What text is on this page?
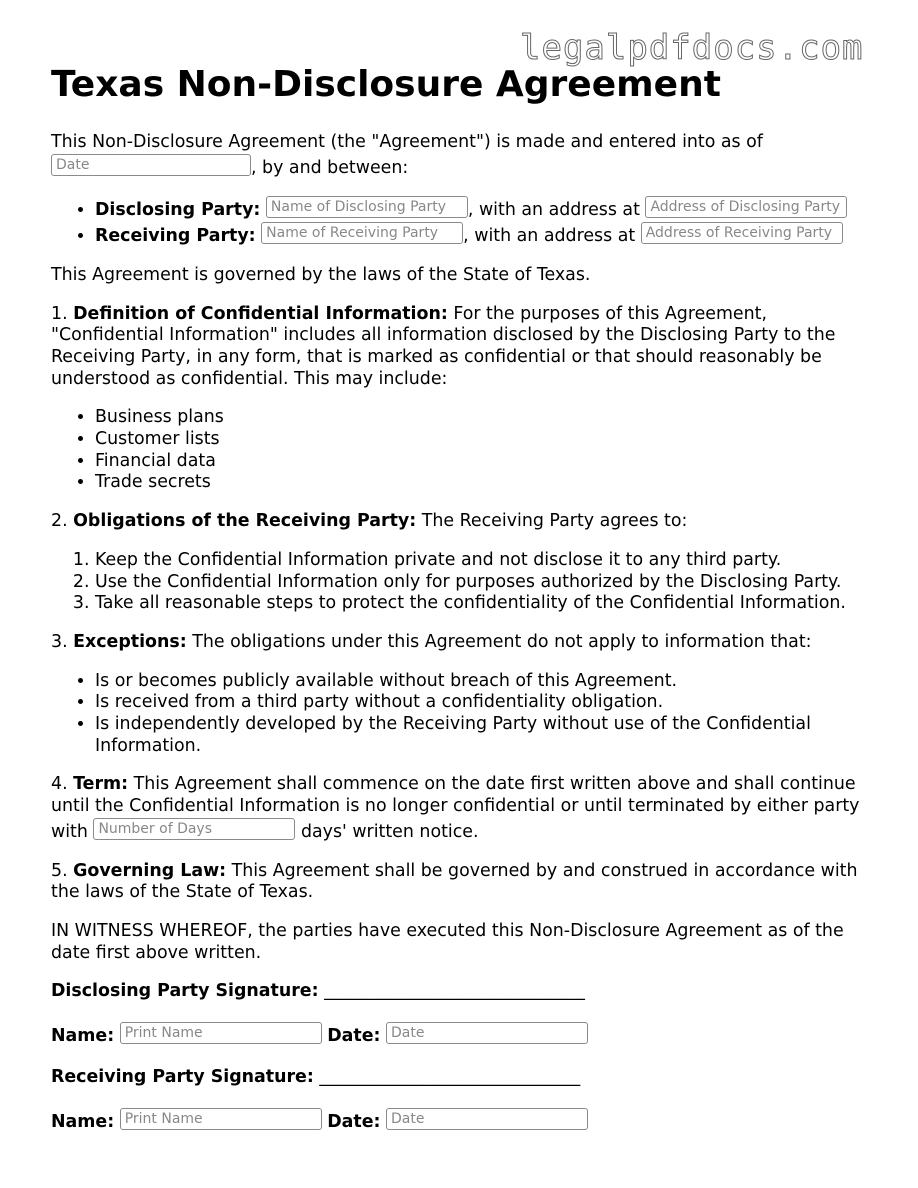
legalpdfdocs.com
Texas Non-Disclosure Agreement

This Non-Disclosure Agreement (the "Agreement") is made and entered into as of
Date	, by and between:

• Disclosing Party: Name of Disclosing Party , with an address at Address of Disclosing Party
• Receiving Party: Name of Receiving Party , with an address at Address of Receiving Party

This Agreement is governed by the laws of the State of Texas.

1. Definition of Confidential Information: For the purposes of this Agreement, "Confidential Information" includes all information disclosed by the Disclosing Party to the Receiving Party, in any form, that is marked as confidential or that should reasonably be understood as confidential. This may include:

• Business plans
• Customer lists
• Financial data
• Trade secrets

2. Obligations of the Receiving Party: The Receiving Party agrees to:

1. Keep the Confidential Information private and not disclose it to any third party.
2. Use the Confidential Information only for purposes authorized by the Disclosing Party.
3. Take all reasonable steps to protect the confidentiality of the Confidential Information.

3. Exceptions: The obligations under this Agreement do not apply to information that:

• Is or becomes publicly available without breach of this Agreement.
• Is received from a third party without a confidentiality obligation.
• Is independently developed by the Receiving Party without use of the Confidential Information.

4. Term: This Agreement shall commence on the date first written above and shall continue until the Confidential Information is no longer confidential or until terminated by either party with Number of Days	days' written notice.

5. Governing Law: This Agreement shall be governed by and construed in accordance with the laws of the State of Texas.

IN WITNESS WHEREOF, the parties have executed this Non-Disclosure Agreement as of the date first above written.

Disclosing Party Signature: ______________________________

Name: Print Name	Date: Date

Receiving Party Signature: ______________________________

Name: Print Name	Date: Date
